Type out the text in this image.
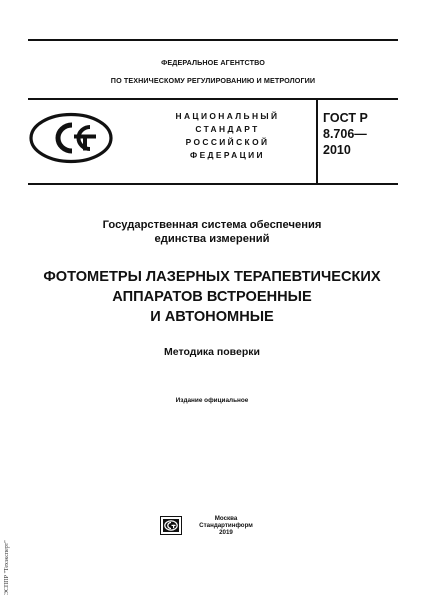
ФЕДЕРАЛЬНОЕ АГЕНТСТВО
ПО ТЕХНИЧЕСКОМУ РЕГУЛИРОВАНИЮ И МЕТРОЛОГИИ
НАЦИОНАЛЬНЫЙ
СТАНДАРТ
РОССИЙСКОЙ
ФЕДЕРАЦИИ
ГОСТ Р
8.706—
2010
Государственная система обеспечения
единства измерений
ФОТОМЕТРЫ ЛАЗЕРНЫХ ТЕРАПЕВТИЧЕСКИХ
АППАРАТОВ ВСТРОЕННЫЕ
И АВТОНОМНЫЕ
Методика поверки
Издание официальное
Москва
Стандартинформ
2019
ЭСППР "Техэксперт"
